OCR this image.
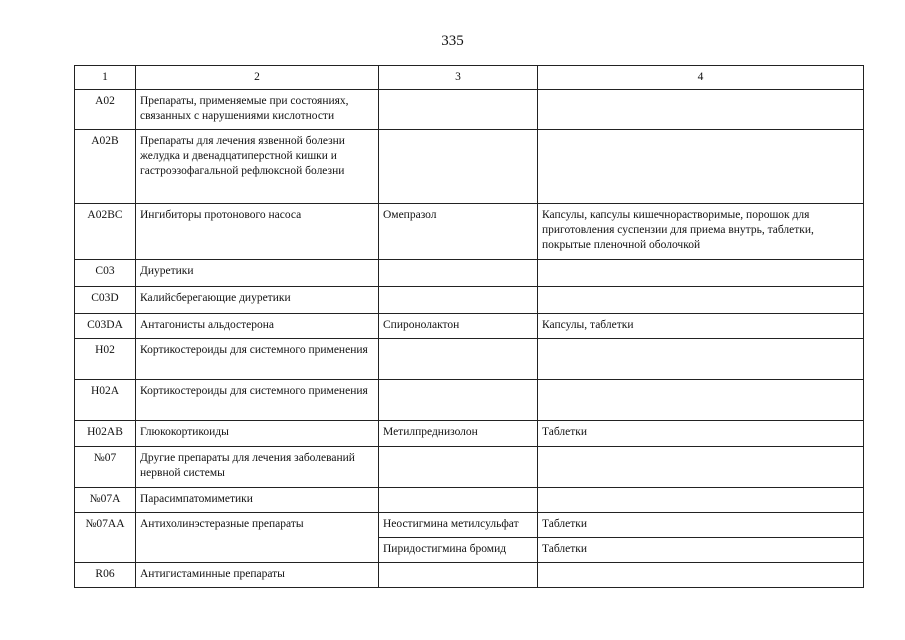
335
1	2	3	4
A02	Препараты, применяемые при состояниях, связанных с нарушениями кислотности		
A02B	Препараты для лечения язвенной болезни желудка и двенадцатиперстной кишки и гастроэзофагальной рефлюксной болезни		
A02BC	Ингибиторы протонового насоса	Омепразол	Капсулы, капсулы кишечнорастворимые, порошок для приготовления суспензии для приема внутрь, таблетки, покрытые пленочной оболочкой
C03	Диуретики		
C03D	Калийсберегающие диуретики		
C03DA	Антагонисты альдостерона	Спиронолактон	Капсулы, таблетки
H02	Кортикостероиды для системного применения		
H02A	Кортикостероиды для системного применения		
H02AB	Глюкокортикоиды	Метилпреднизолон	Таблетки
№07	Другие препараты для лечения заболеваний нервной системы		
№07A	Парасимпатомиметики		
№07AA	Антихолинэстеразные препараты	Неостигмина метилсульфат	Таблетки
		Пиридостигмина бромид	Таблетки
R06	Антигистаминные препараты		
